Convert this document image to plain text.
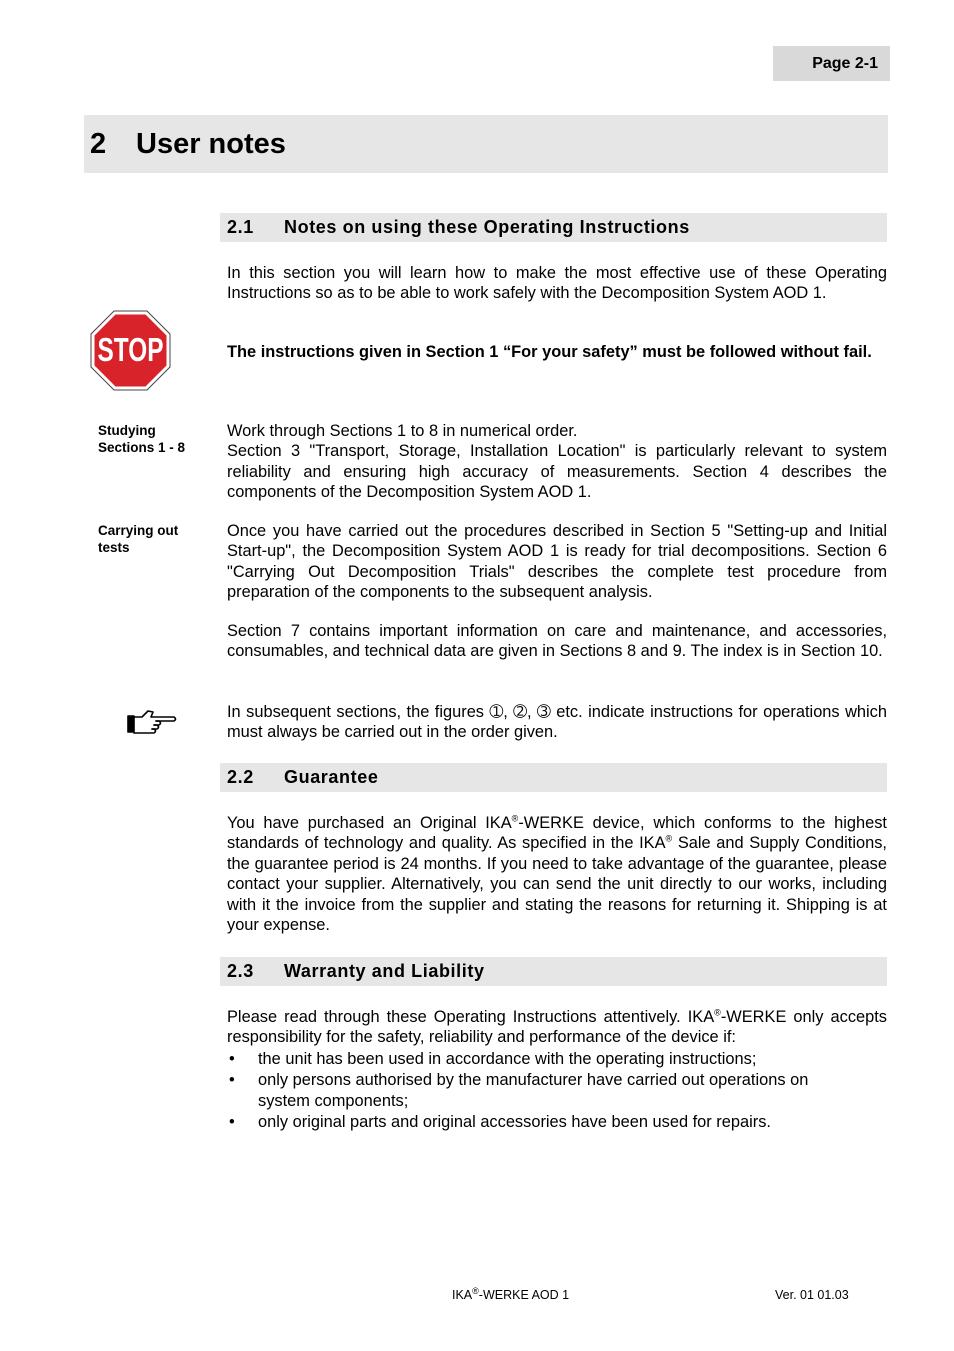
Page 2-1
2	User notes
2.1	Notes on using these Operating Instructions
In this section you will learn how to make the most effective use of these Operating Instructions so as to be able to work safely with the Decomposition System AOD 1.
STOP	The instructions given in Section 1 “For your safety” must be followed without fail.
Studying Sections 1 - 8
Work through Sections 1 to 8 in numerical order.
Section 3 "Transport, Storage, Installation Location" is particularly relevant to system reliability and ensuring high accuracy of measurements. Section 4 describes the components of the Decomposition System AOD 1.
Carrying out tests
Once you have carried out the procedures described in Section 5 "Setting-up and Initial Start-up", the Decomposition System AOD 1 is ready for trial decompositions. Section 6 "Carrying Out Decomposition Trials" describes the complete test procedure from preparation of the components to the subsequent analysis.
Section 7 contains important information on care and maintenance, and accessories, consumables, and technical data are given in Sections 8 and 9. The index is in Section 10.
In subsequent sections, the figures ➀, ➁, ➂ etc. indicate instructions for operations which must always be carried out in the order given.
2.2	Guarantee
You have purchased an Original IKA®-WERKE device, which conforms to the highest standards of technology and quality. As specified in the IKA® Sale and Supply Conditions, the guarantee period is 24 months. If you need to take advantage of the guarantee, please contact your supplier. Alternatively, you can send the unit directly to our works, including with it the invoice from the supplier and stating the reasons for returning it. Shipping is at your expense.
2.3	Warranty and Liability
Please read through these Operating Instructions attentively. IKA®-WERKE only accepts responsibility for the safety, reliability and performance of the device if:
• the unit has been used in accordance with the operating instructions;
• only persons authorised by the manufacturer have carried out operations on system components;
• only original parts and original accessories have been used for repairs.
IKA®-WERKE AOD 1	Ver. 01 01.03
